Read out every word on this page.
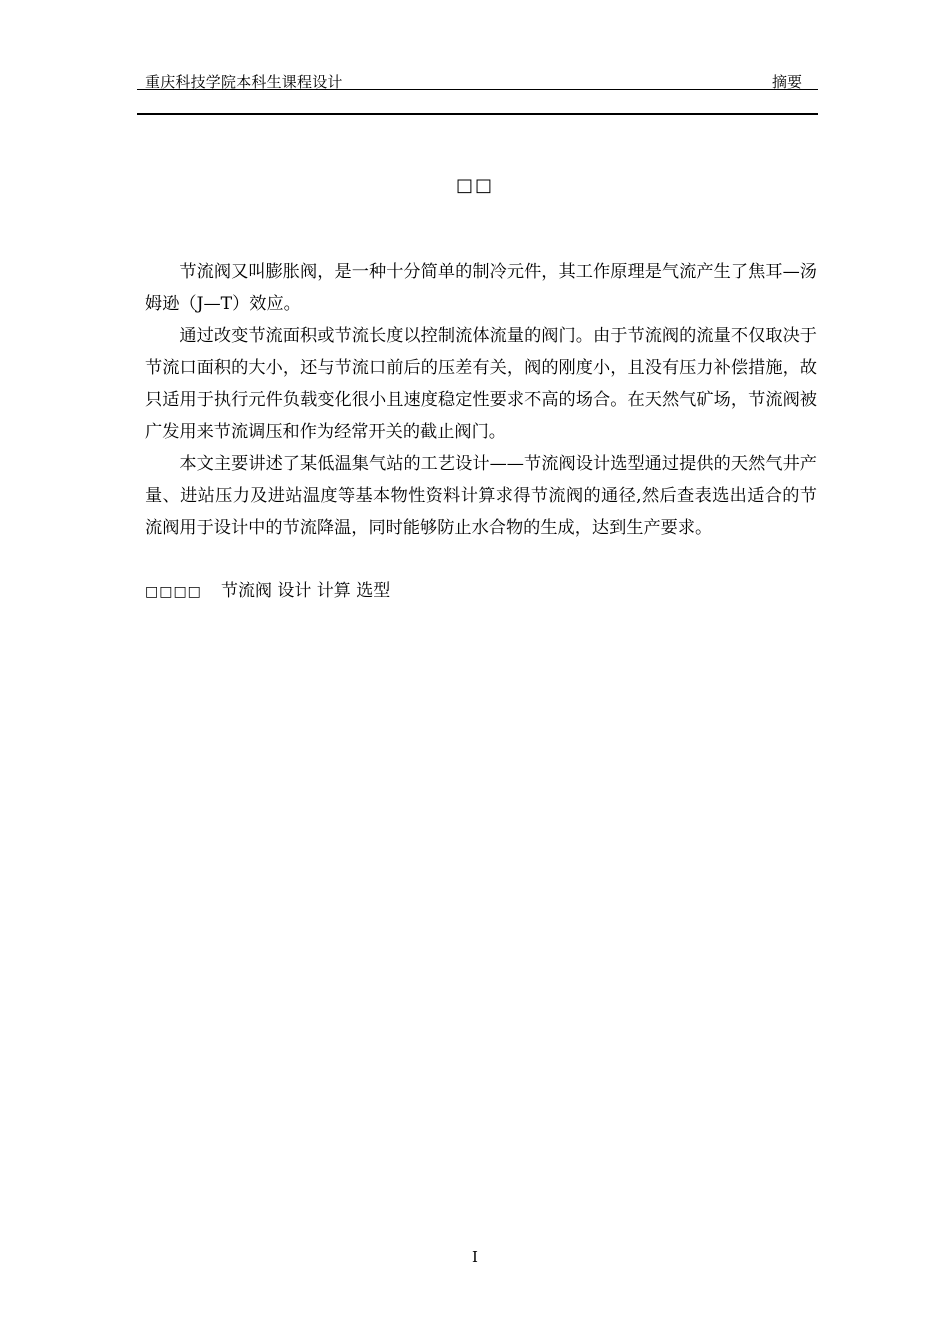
重庆科技学院本科生课程设计	摘要
□□

节流阀又叫膨胀阀，是一种十分简单的制冷元件，其工作原理是气流产生了焦耳—汤姆逊（J—T）效应。

通过改变节流面积或节流长度以控制流体流量的阀门。由于节流阀的流量不仅取决于节流口面积的大小，还与节流口前后的压差有关，阀的刚度小，且没有压力补偿措施，故只适用于执行元件负载变化很小且速度稳定性要求不高的场合。在天然气矿场，节流阀被广发用来节流调压和作为经常开关的截止阀门。

本文主要讲述了某低温集气站的工艺设计——节流阀设计选型通过提供的天然气井产量、进站压力及进站温度等基本物性资料计算求得节流阀的通径,然后查表选出适合的节流阀用于设计中的节流降温，同时能够防止水合物的生成，达到生产要求。

□□□□ 节流阀 设计 计算 选型
I
